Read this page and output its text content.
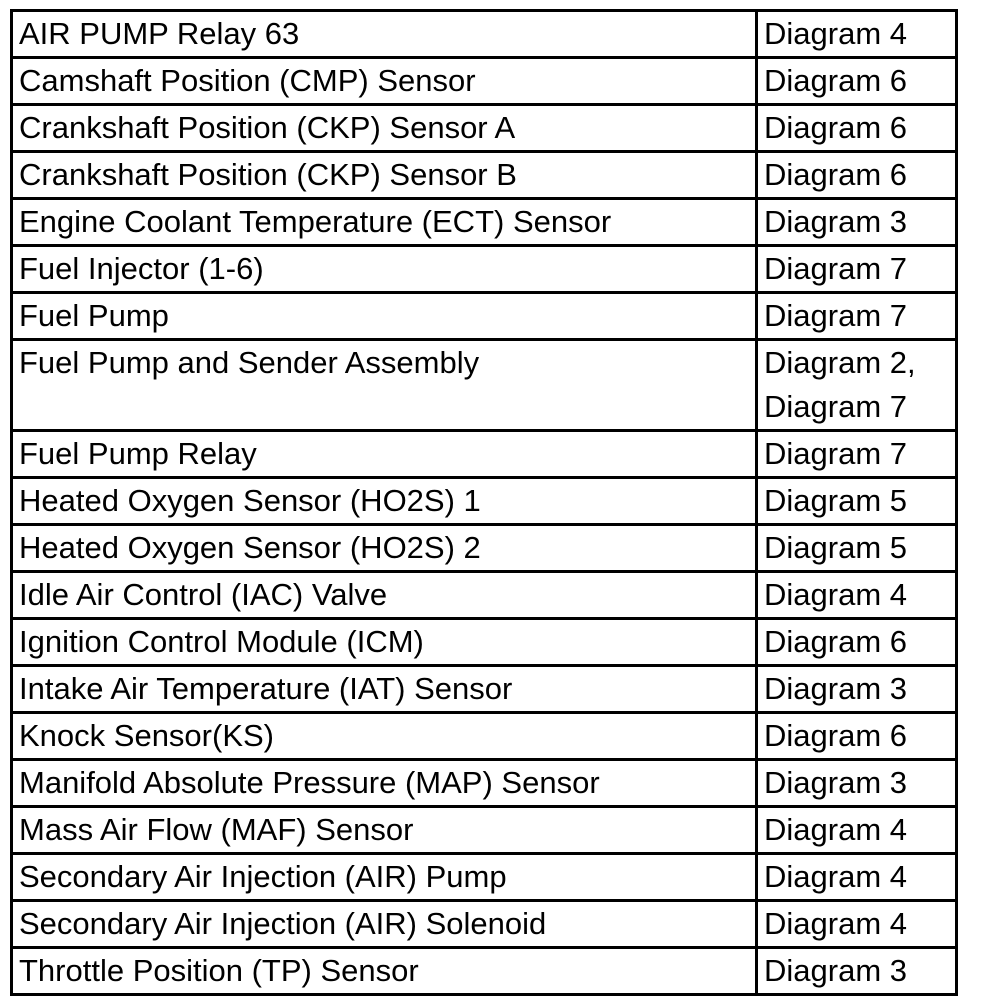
AIR PUMP Relay 63	Diagram 4

Camshaft Position (CMP) Sensor	Diagram 6

Crankshaft Position (CKP) Sensor A	Diagram 6

Crankshaft Position (CKP) Sensor B	Diagram 6

Engine Coolant Temperature (ECT) Sensor	Diagram 3

Fuel Injector (1-6)	Diagram 7

Fuel Pump	Diagram 7

Fuel Pump and Sender Assembly	Diagram 2,
Diagram 7

Fuel Pump Relay	Diagram 7

Heated Oxygen Sensor (HO2S) 1	Diagram 5

Heated Oxygen Sensor (HO2S) 2	Diagram 5

Idle Air Control (IAC) Valve	Diagram 4

Ignition Control Module (ICM)	Diagram 6

Intake Air Temperature (IAT) Sensor	Diagram 3

Knock Sensor(KS)	Diagram 6

Manifold Absolute Pressure (MAP) Sensor	Diagram 3

Mass Air Flow (MAF) Sensor	Diagram 4

Secondary Air Injection (AIR) Pump	Diagram 4

Secondary Air Injection (AIR) Solenoid	Diagram 4

Throttle Position (TP) Sensor	Diagram 3
